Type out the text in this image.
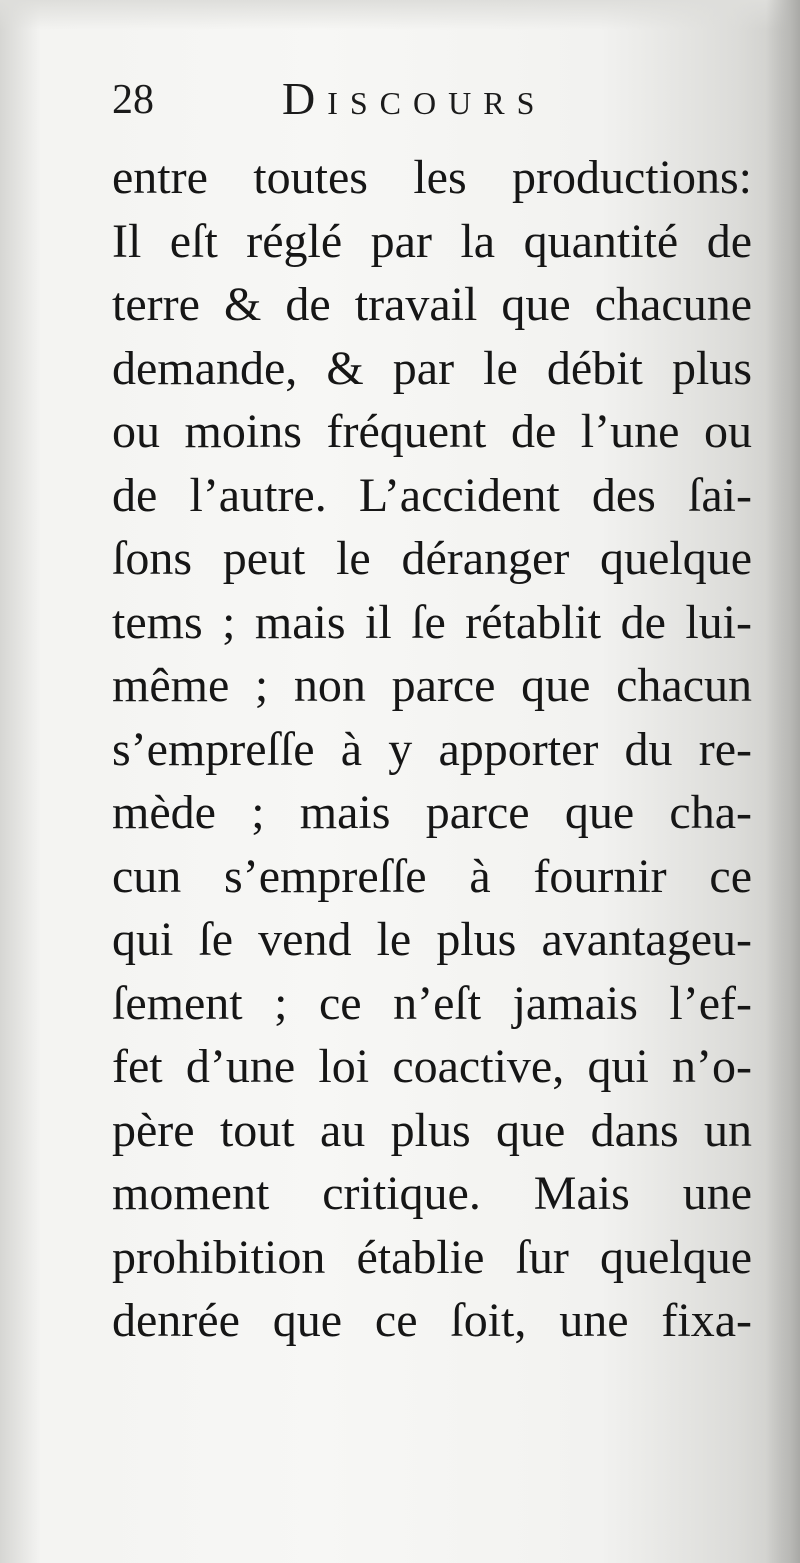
28	Discours
entre toutes les productions:
Il eſt réglé par la quantité de
terre & de travail que chacune
demande, & par le débit plus
ou moins fréquent de l’une ou
de l’autre. L’accident des ſai-
ſons peut le déranger quelque
tems ; mais il ſe rétablit de lui-
même ; non parce que chacun
s’empreſſe à y apporter du re-
mède ; mais parce que cha-
cun s’empreſſe à fournir ce
qui ſe vend le plus avantageu-
ſement ; ce n’eſt jamais l’ef-
fet d’une loi coactive, qui n’o-
père tout au plus que dans un
moment critique. Mais une
prohibition établie ſur quelque
denrée que ce ſoit, une fixa-
